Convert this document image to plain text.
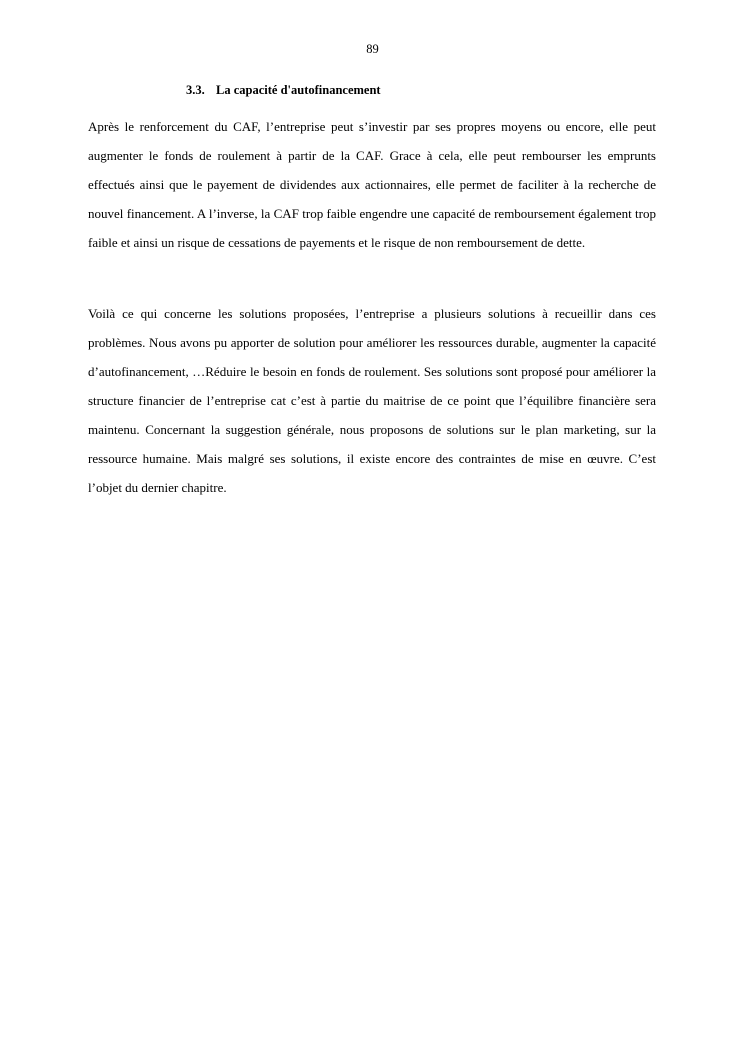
89
3.3. La capacité d'autofinancement

Après le renforcement du CAF, l’entreprise peut s’investir par ses propres moyens ou encore, elle peut augmenter le fonds de roulement à partir de la CAF. Grace à cela, elle peut rembourser les emprunts effectués ainsi que le payement de dividendes aux actionnaires, elle permet de faciliter à la recherche de nouvel financement. A l’inverse, la CAF trop faible engendre une capacité de remboursement également trop faible et ainsi un risque de cessations de payements et le risque de non remboursement de dette.

Voilà ce qui concerne les solutions proposées, l’entreprise a plusieurs solutions à recueillir dans ces problèmes. Nous avons pu apporter de solution pour améliorer les ressources durable, augmenter la capacité d’autofinancement, …Réduire le besoin en fonds de roulement. Ses solutions sont proposé pour améliorer la structure financier de l’entreprise cat c’est à partie du maitrise de ce point que l’équilibre financière sera maintenu. Concernant la suggestion générale, nous proposons de solutions sur le plan marketing, sur la ressource humaine. Mais malgré ses solutions, il existe encore des contraintes de mise en œuvre. C’est l’objet du dernier chapitre.
